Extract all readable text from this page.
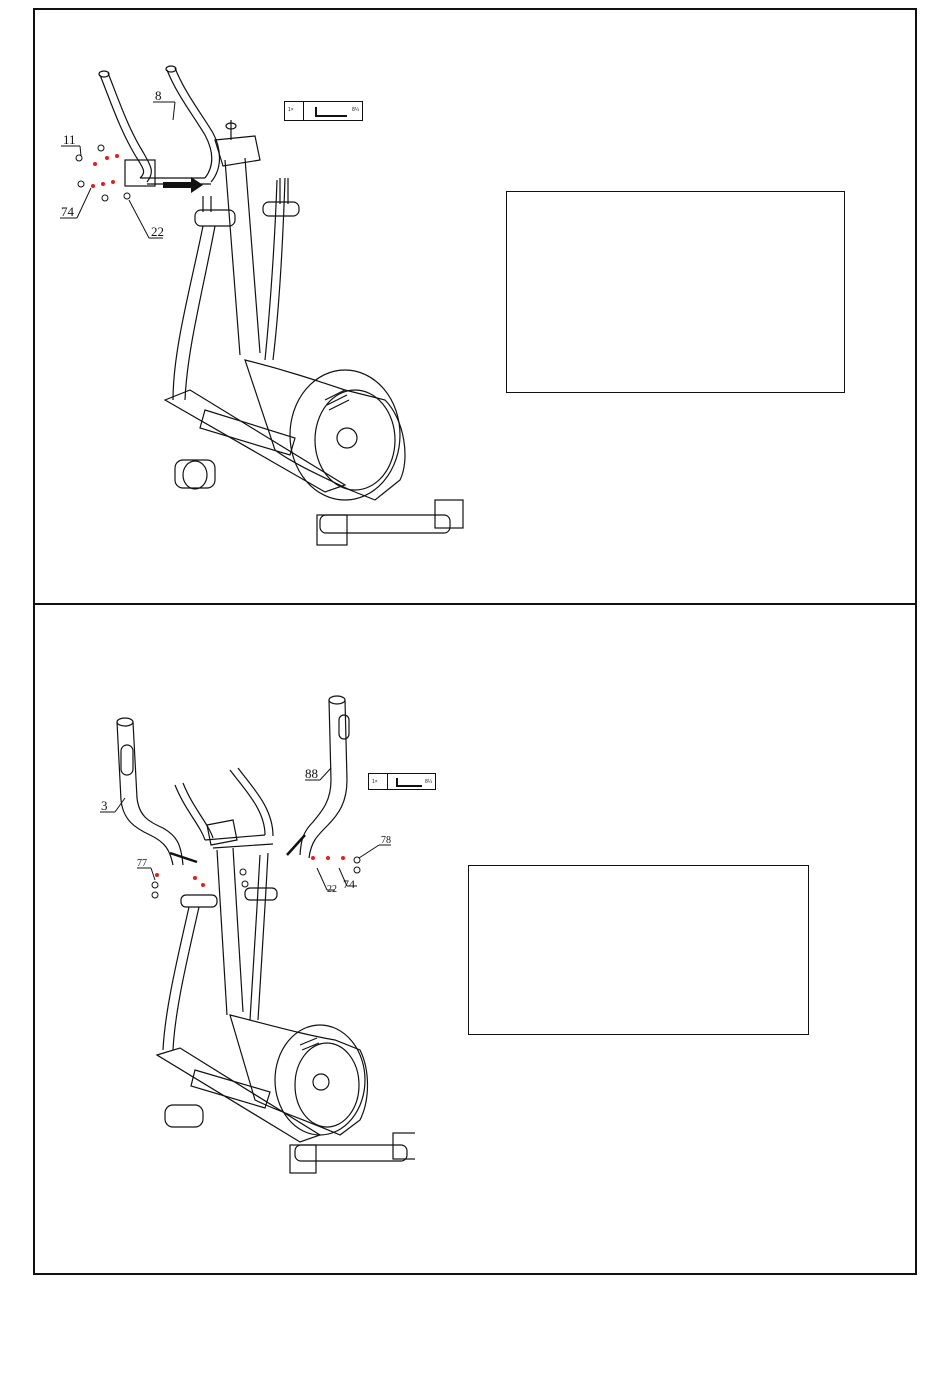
1×	8¼
8
11
74
22
1×	8¼
3
88
77
78
22 74
